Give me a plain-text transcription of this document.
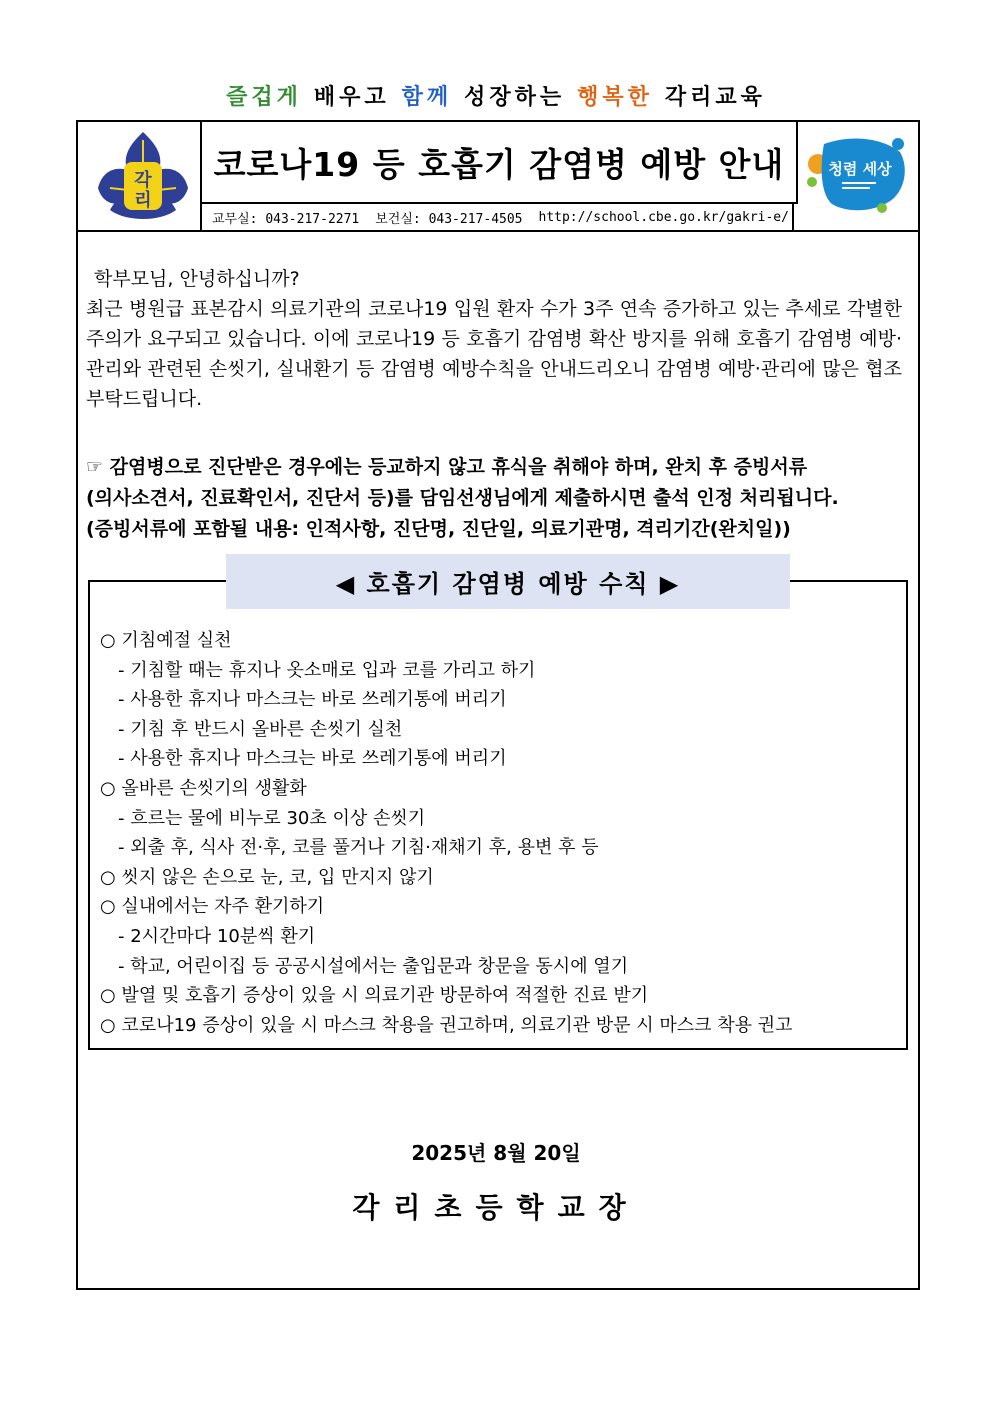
즐겁게 배우고 함께 성장하는 행복한 각리교육
각
리
코로나19 등 호흡기 감염병 예방 안내
교무실: 043-217-2271 보건실: 043-217-4505 http://school.cbe.go.kr/gakri-e/
청렴 세상
학부모님, 안녕하십니까?

최근 병원급 표본감시 의료기관의 코로나19 입원 환자 수가 3주 연속 증가하고 있는 추세로 각별한 주의가 요구되고 있습니다. 이에 코로나19 등 호흡기 감염병 확산 방지를 위해 호흡기 감염병 예방·관리와 관련된 손씻기, 실내환기 등 감염병 예방수칙을 안내드리오니 감염병 예방·관리에 많은 협조 부탁드립니다.

☞ 감염병으로 진단받은 경우에는 등교하지 않고 휴식을 취해야 하며, 완치 후 증빙서류
(의사소견서, 진료확인서, 진단서 등)를 담임선생님에게 제출하시면 출석 인정 처리됩니다.
(증빙서류에 포함될 내용: 인적사항, 진단명, 진단일, 의료기관명, 격리기간(완치일))
◀ 호흡기 감염병 예방 수칙 ▶
○ 기침예절 실천
- 기침할 때는 휴지나 옷소매로 입과 코를 가리고 하기
- 사용한 휴지나 마스크는 바로 쓰레기통에 버리기
- 기침 후 반드시 올바른 손씻기 실천
- 사용한 휴지나 마스크는 바로 쓰레기통에 버리기
○ 올바른 손씻기의 생활화
- 흐르는 물에 비누로 30초 이상 손씻기
- 외출 후, 식사 전·후, 코를 풀거나 기침·재채기 후, 용변 후 등
○ 씻지 않은 손으로 눈, 코, 입 만지지 않기
○ 실내에서는 자주 환기하기
- 2시간마다 10분씩 환기
- 학교, 어린이집 등 공공시설에서는 출입문과 창문을 동시에 열기
○ 발열 및 호흡기 증상이 있을 시 의료기관 방문하여 적절한 진료 받기
○ 코로나19 증상이 있을 시 마스크 착용을 권고하며, 의료기관 방문 시 마스크 착용 권고
2025년 8월 20일
각리초등학교장
